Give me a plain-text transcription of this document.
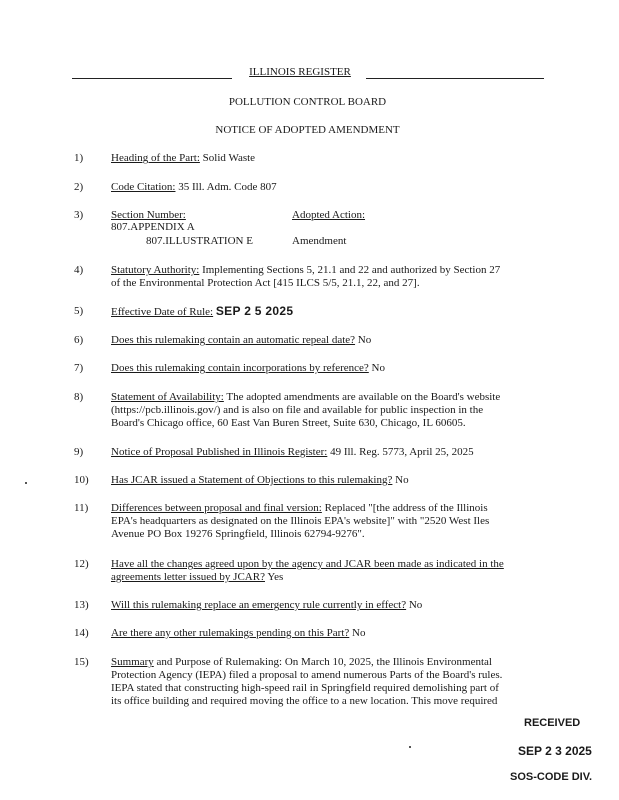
ILLINOIS REGISTER
POLLUTION CONTROL BOARD
NOTICE OF ADOPTED AMENDMENT
1)	Heading of the Part: Solid Waste
2)	Code Citation: 35 Ill. Adm. Code 807
3)	Section Number:	Adopted Action:
807.APPENDIX A
807.ILLUSTRATION E	Amendment
4)	Statutory Authority: Implementing Sections 5, 21.1 and 22 and authorized by Section 27
of the Environmental Protection Act [415 ILCS 5/5, 21.1, 22, and 27].
5)	Effective Date of Rule: SEP 2 5 2025
6)	Does this rulemaking contain an automatic repeal date? No
7)	Does this rulemaking contain incorporations by reference? No
8)	Statement of Availability: The adopted amendments are available on the Board's website
(https://pcb.illinois.gov/) and is also on file and available for public inspection in the
Board's Chicago office, 60 East Van Buren Street, Suite 630, Chicago, IL 60605.
9)	Notice of Proposal Published in Illinois Register: 49 Ill. Reg. 5773, April 25, 2025
10)	Has JCAR issued a Statement of Objections to this rulemaking? No
11)	Differences between proposal and final version: Replaced "[the address of the Illinois
EPA's headquarters as designated on the Illinois EPA's website]" with "2520 West Iles
Avenue PO Box 19276 Springfield, Illinois 62794-9276".
12)	Have all the changes agreed upon by the agency and JCAR been made as indicated in the
agreements letter issued by JCAR? Yes
13)	Will this rulemaking replace an emergency rule currently in effect? No
14)	Are there any other rulemakings pending on this Part? No
15)	Summary and Purpose of Rulemaking: On March 10, 2025, the Illinois Environmental
Protection Agency (IEPA) filed a proposal to amend numerous Parts of the Board's rules.
IEPA stated that constructing high-speed rail in Springfield required demolishing part of
its office building and required moving the office to a new location. This move required
RECEIVED
SEP 2 3 2025
SOS-CODE DIV.
